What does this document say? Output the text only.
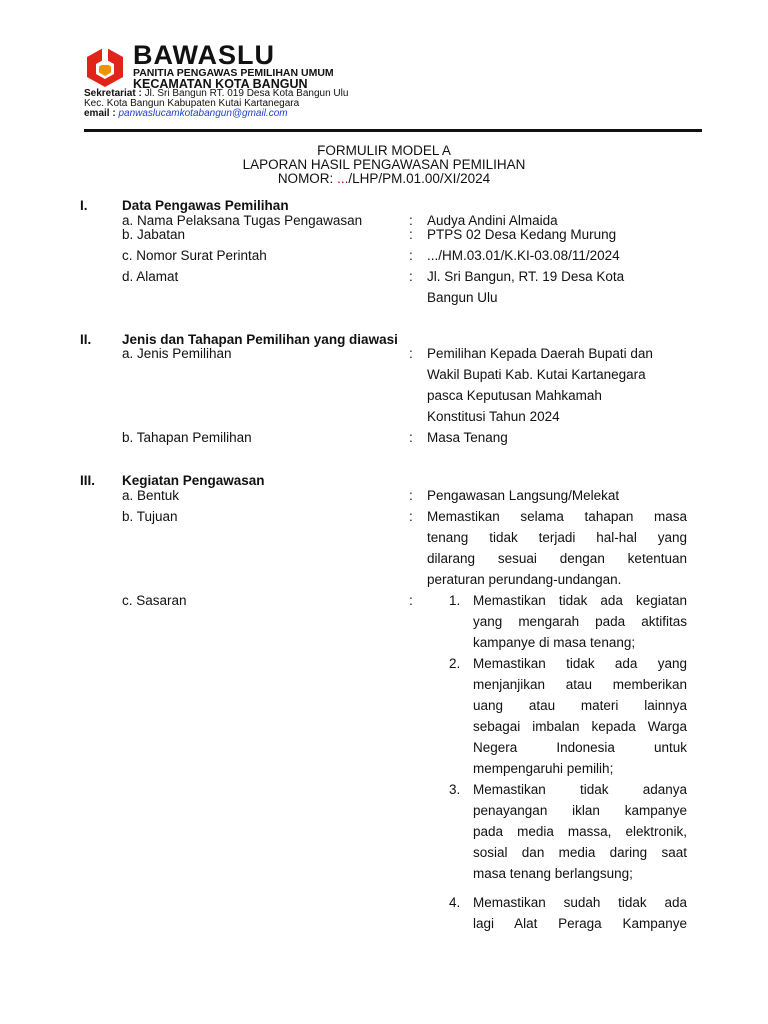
BAWASLU
PANITIA PENGAWAS PEMILIHAN UMUM
KECAMATAN KOTA BANGUN
Sekretariat : Jl. Sri Bangun RT. 019 Desa Kota Bangun Ulu
Kec. Kota Bangun Kabupaten Kutai Kartanegara
email : panwaslucamkotabangun@gmail.com
FORMULIR MODEL A
LAPORAN HASIL PENGAWASAN PEMILIHAN
NOMOR: .../LHP/PM.01.00/XI/2024
I.	Data Pengawas Pemilihan
a. Nama Pelaksana Tugas Pengawasan	: Audya Andini Almaida
b. Jabatan	: PTPS 02 Desa Kedang Murung
c. Nomor Surat Perintah	: .../HM.03.01/K.KI-03.08/11/2024
d. Alamat	: Jl. Sri Bangun, RT. 19 Desa Kota
Bangun Ulu
II. Jenis dan Tahapan Pemilihan yang diawasi
a. Jenis Pemilihan	: Pemilihan Kepada Daerah Bupati dan
Wakil Bupati Kab. Kutai Kartanegara
pasca Keputusan Mahkamah
Konstitusi Tahun 2024
b. Tahapan Pemilihan	: Masa Tenang
III. Kegiatan Pengawasan
a. Bentuk	: Pengawasan Langsung/Melekat
b. Tujuan	: Memastikan selama tahapan masa
tenang tidak terjadi hal-hal yang
dilarang sesuai dengan ketentuan
peraturan perundang-undangan.
c. Sasaran	:	1. Memastikan tidak ada kegiatan
yang mengarah pada aktifitas
kampanye di masa tenang;
2. Memastikan tidak ada yang
menjanjikan atau memberikan
uang atau materi lainnya
sebagai imbalan kepada Warga
Negera Indonesia untuk
mempengaruhi pemilih;
3. Memastikan tidak adanya
penayangan iklan kampanye
pada media massa, elektronik,
sosial dan media daring saat
masa tenang berlangsung;
4. Memastikan sudah tidak ada
lagi Alat Peraga Kampanye
